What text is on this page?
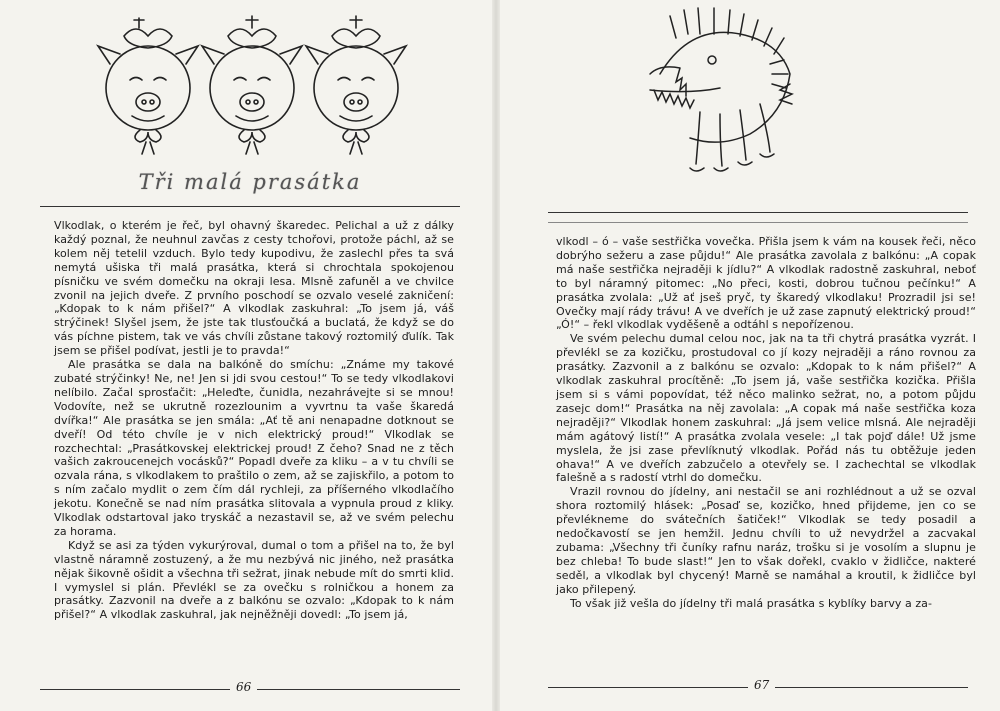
Tři malá prasátka

Vlkodlak, o kterém je řeč, byl ohavný škaredec. Pelichal a už z dálky každý poznal, že neuhnul zavčas z cesty tchořovi, protože páchl, až se kolem něj tetelil vzduch. Bylo tedy kupodivu, že zaslechl přes ta svá nemytá ušiska tři malá prasátka, která si chrochtala spokojenou písničku ve svém domečku na okraji lesa. Mlsně zafuněl a ve chvilce zvonil na jejich dveře. Z prvního poschodí se ozvalo veselé zakničení: „Kdopak to k nám přišel?“ A vlkodlak zaskuhral: „To jsem já, váš strýčinek! Slyšel jsem, že jste tak tlusťoučká a buclatá, že když se do vás píchne pistem, tak ve vás chvíli zůstane takový roztomilý ďulík. Tak jsem se přišel podívat, jestli je to pravda!“

Ale prasátka se dala na balkóně do smíchu: „Známe my takové zubaté strýčinky! Ne, ne! Jen si jdi svou cestou!“ To se tedy vlkodlakovi nelíbilo. Začal sprosťačit: „Heleďte, čunidla, nezahrávejte si se mnou! Vodovíte, než se ukrutně rozezlounim a vyvrtnu ta vaše škaredá dvířka!“ Ale prasátka se jen smála: „Ať tě ani nenapadne dotknout se dveří! Od této chvíle je v nich elektrický proud!“ Vlkodlak se rozchechtal: „Prasátkovskej elektrickej proud! Z čeho? Snad ne z těch vašich zakroucenejch vocásků?“ Popadl dveře za kliku – a v tu chvíli se ozvala rána, s vlkodlakem to praštilo o zem, až se zajiskřilo, a potom to s ním začalo mydlit o zem čím dál rychleji, za příšerného vlkodlačího jekotu. Konečně se nad ním prasátka slitovala a vypnula proud z kliky. Vlkodlak odstartoval jako tryskáč a nezastavil se, až ve svém pelechu za horama.

Když se asi za týden vykurýroval, dumal o tom a přišel na to, že byl vlastně náramně zostuzený, a že mu nezbývá nic jiného, než prasátka nějak šikovně ošidit a všechna tři sežrat, jinak nebude mít do smrti klid. I vymyslel si plán. Převlékl se za ovečku s rolničkou a honem za prasátky. Zazvonil na dveře a z balkónu se ozvalo: „Kdopak to k nám přišel?“ A vlkodlak zaskuhral, jak nejněžněji dovedl: „To jsem já,

66

vlkodl – ó – vaše sestřička vovečka. Přišla jsem k vám na kousek řeči, něco dobrýho sežeru a zase půjdu!“ Ale prasátka zavolala z balkónu: „A copak má naše sestřička nejraději k jídlu?“ A vlkodlak radostně zaskuhral, neboť to byl náramný pitomec: „No přeci, kosti, dobrou tučnou pečínku!“ A prasátka zvolala: „Už ať jseš pryč, ty škaredý vlkodlaku! Prozradil jsi se! Ovečky mají rády trávu! A ve dveřích je už zase zapnutý elektrický proud!“ „Ó!“ – řekl vlkodlak vyděšeně a odtáhl s nepořízenou.

Ve svém pelechu dumal celou noc, jak na ta tři chytrá prasátka vyzrát. I převlékl se za kozičku, prostudoval co jí kozy nejraději a ráno rovnou za prasátky. Zazvonil a z balkónu se ozvalo: „Kdopak to k nám přišel?“ A vlkodlak zaskuhral procítěně: „To jsem já, vaše sestřička kozička. Přišla jsem si s vámi popovídat, též něco malinko sežrat, no, a potom půjdu zasejc dom!“ Prasátka na něj zavolala: „A copak má naše sestřička koza nejraději?“ Vlkodlak honem zaskuhral: „Já jsem velice mlsná. Ale nejraději mám agátový listí!“ A prasátka zvolala vesele: „I tak pojď dále! Už jsme myslela, že jsi zase převlíknutý vlkodlak. Pořád nás tu obtěžuje jeden ohava!“ A ve dveřích zabzučelo a otevřely se. I zachechtal se vlkodlak falešně a s radostí vtrhl do domečku.

Vrazil rovnou do jídelny, ani nestačil se ani rozhlédnout a už se ozval shora roztomilý hlásek: „Posaď se, kozičko, hned přijdeme, jen co se převlékneme do svátečních šatiček!“ Vlkodlak se tedy posadil a nedočkavostí se jen hemžil. Jednu chvíli to už nevydržel a zacvakal zubama: „Všechny tři čuníky rafnu naráz, trošku si je vosolím a slupnu je bez chleba! To bude slast!“ Jen to však dořekl, cvaklo v židličce, nakteré seděl, a vlkodlak byl chycený! Marně se namáhal a kroutil, k židličce byl jako přilepený.

To však již vešla do jídelny tři malá prasátka s kyblíky barvy a za-

67
